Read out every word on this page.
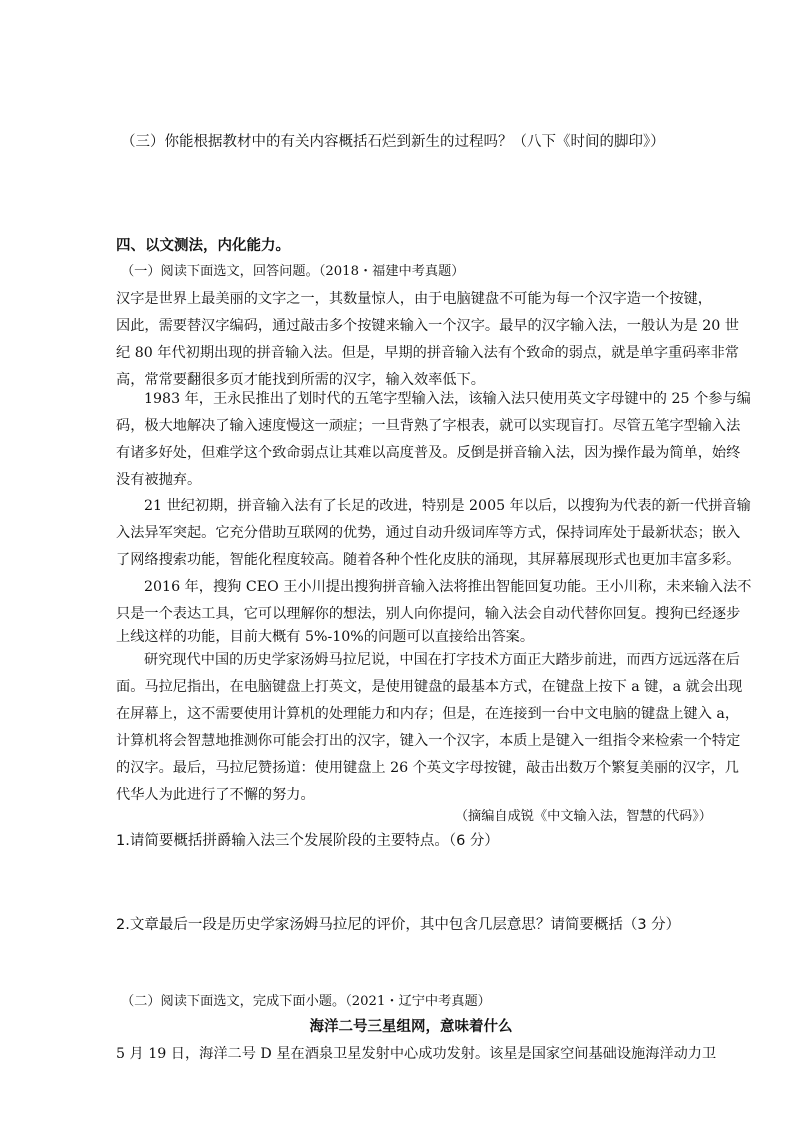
（三）你能根据教材中的有关内容概括石烂到新生的过程吗？（八下《时间的脚印》）
四、以文测法，内化能力。
（一）阅读下面选文，回答问题。（2018・福建中考真题）
汉字是世界上最美丽的文字之一，其数量惊人，由于电脑键盘不可能为每一个汉字造一个按键，
因此，需要替汉字编码，通过敲击多个按键来输入一个汉字。最早的汉字输入法，一般认为是 20 世
纪 80 年代初期出现的拼音输入法。但是，早期的拼音输入法有个致命的弱点，就是单字重码率非常
高，常常要翻很多页才能找到所需的汉字，输入效率低下。
1983 年，王永民推出了划时代的五笔字型输入法，该输入法只使用英文字母键中的 25 个参与编
码，极大地解决了输入速度慢这一顽症；一旦背熟了字根表，就可以实现盲打。尽管五笔字型输入法
有诸多好处，但难学这个致命弱点让其难以高度普及。反倒是拼音输入法，因为操作最为简单，始终
没有被抛弃。
21 世纪初期，拼音输入法有了长足的改进，特别是 2005 年以后，以搜狗为代表的新一代拼音输
入法异军突起。它充分借助互联网的优势，通过自动升级词库等方式，保持词库处于最新状态；嵌入
了网络搜索功能，智能化程度较高。随着各种个性化皮肤的涌现，其屏幕展现形式也更加丰富多彩。
2016 年，搜狗 CEO 王小川提出搜狗拼音输入法将推出智能回复功能。王小川称，未来输入法不
只是一个表达工具，它可以理解你的想法，别人向你提问，输入法会自动代替你回复。搜狗已经逐步
上线这样的功能，目前大概有 5%-10%的问题可以直接给出答案。
研究现代中国的历史学家汤姆马拉尼说，中国在打字技术方面正大踏步前进，而西方远远落在后
面。马拉尼指出，在电脑键盘上打英文，是使用键盘的最基本方式，在键盘上按下 a 键，a 就会出现
在屏幕上，这不需要使用计算机的处理能力和内存；但是，在连接到一台中文电脑的键盘上键入 a，
计算机将会智慧地推测你可能会打出的汉字，键入一个汉字，本质上是键入一组指令来检索一个特定
的汉字。最后，马拉尼赞扬道：使用键盘上 26 个英文字母按键，敲击出数万个繁复美丽的汉字，几
代华人为此进行了不懈的努力。
（摘编自成锐《中文输入法，智慧的代码》）
1.请简要概括拼爵输入法三个发展阶段的主要特点。（6 分）
2.文章最后一段是历史学家汤姆马拉尼的评价，其中包含几层意思？请简要概括（3 分）
（二）阅读下面选文，完成下面小题。（2021・辽宁中考真题）
海洋二号三星组网，意味着什么
5 月 19 日，海洋二号 D 星在酒泉卫星发射中心成功发射。该星是国家空间基础设施海洋动力卫
